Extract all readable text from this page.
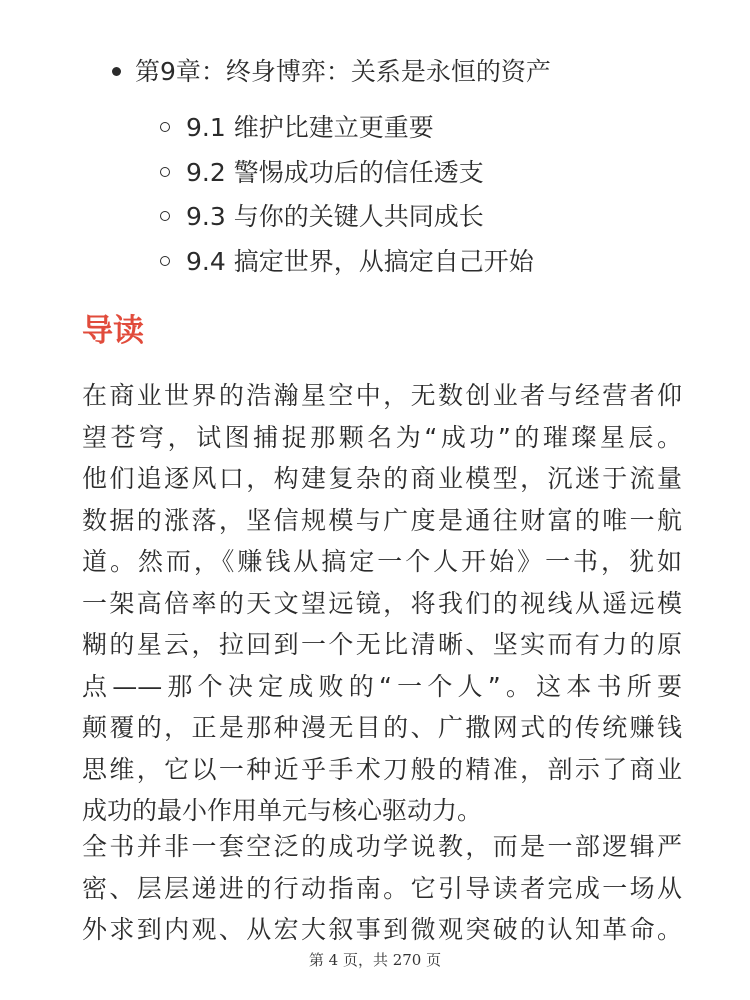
第9章：终身博弈：关系是永恒的资产
9.1 维护比建立更重要
9.2 警惕成功后的信任透支
9.3 与你的关键人共同成长
9.4 搞定世界，从搞定自己开始
导读

在商业世界的浩瀚星空中，无数创业者与经营者仰
望苍穹，试图捕捉那颗名为“成功”的璀璨星辰。
他们追逐风口，构建复杂的商业模型，沉迷于流量
数据的涨落，坚信规模与广度是通往财富的唯一航
道。然而，《赚钱从搞定一个人开始》一书，犹如
一架高倍率的天文望远镜，将我们的视线从遥远模
糊的星云，拉回到一个无比清晰、坚实而有力的原
点——那个决定成败的“一个人”。这本书所要
颠覆的，正是那种漫无目的、广撒网式的传统赚钱
思维，它以一种近乎手术刀般的精准，剖示了商业
成功的最小作用单元与核心驱动力。

全书并非一套空泛的成功学说教，而是一部逻辑严
密、层层递进的行动指南。它引导读者完成一场从
外求到内观、从宏大叙事到微观突破的认知革命。

第 4 页，共 270 页
